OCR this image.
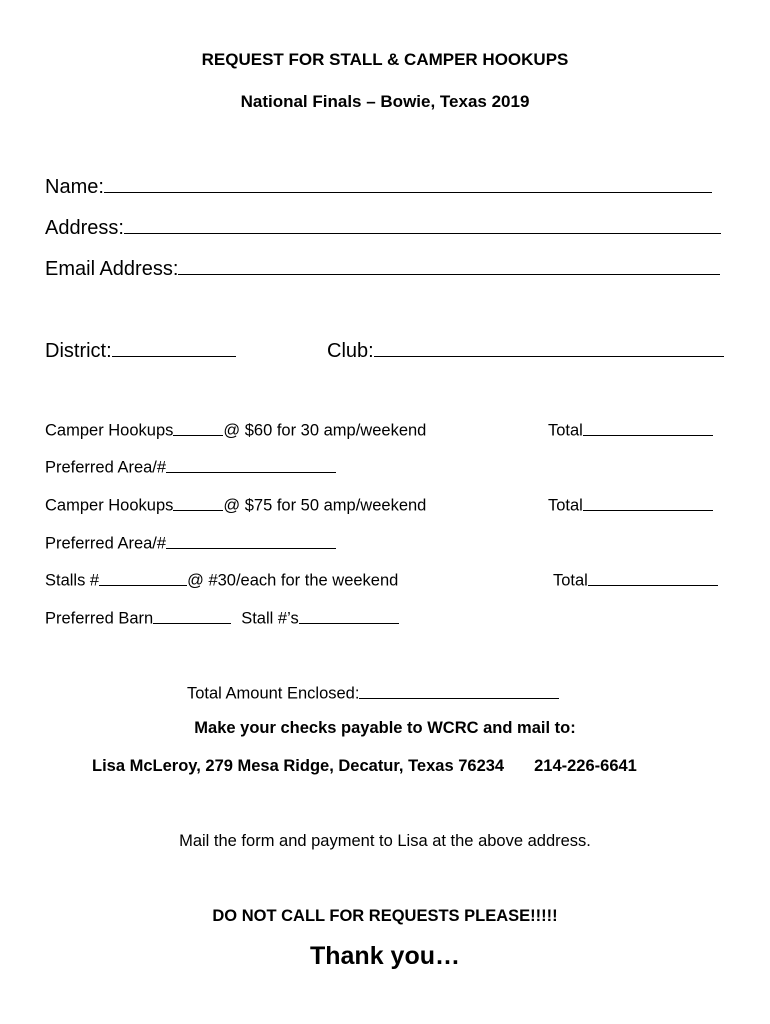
REQUEST FOR STALL & CAMPER HOOKUPS
National Finals – Bowie, Texas 2019
Name:
Address:
Email Address:
District:	Club:
Camper Hookups	@ $60 for 30 amp/weekend	Total
Preferred Area/#
Camper Hookups	@ $75 for 50 amp/weekend	Total
Preferred Area/#
Stalls #	@ #30/each for the weekend	Total
Preferred Barn	Stall #’s
Total Amount Enclosed:
Make your checks payable to WCRC and mail to:
Lisa McLeroy, 279 Mesa Ridge, Decatur, Texas 76234 214-226-6641
Mail the form and payment to Lisa at the above address.
DO NOT CALL FOR REQUESTS PLEASE!!!!!
Thank you…
